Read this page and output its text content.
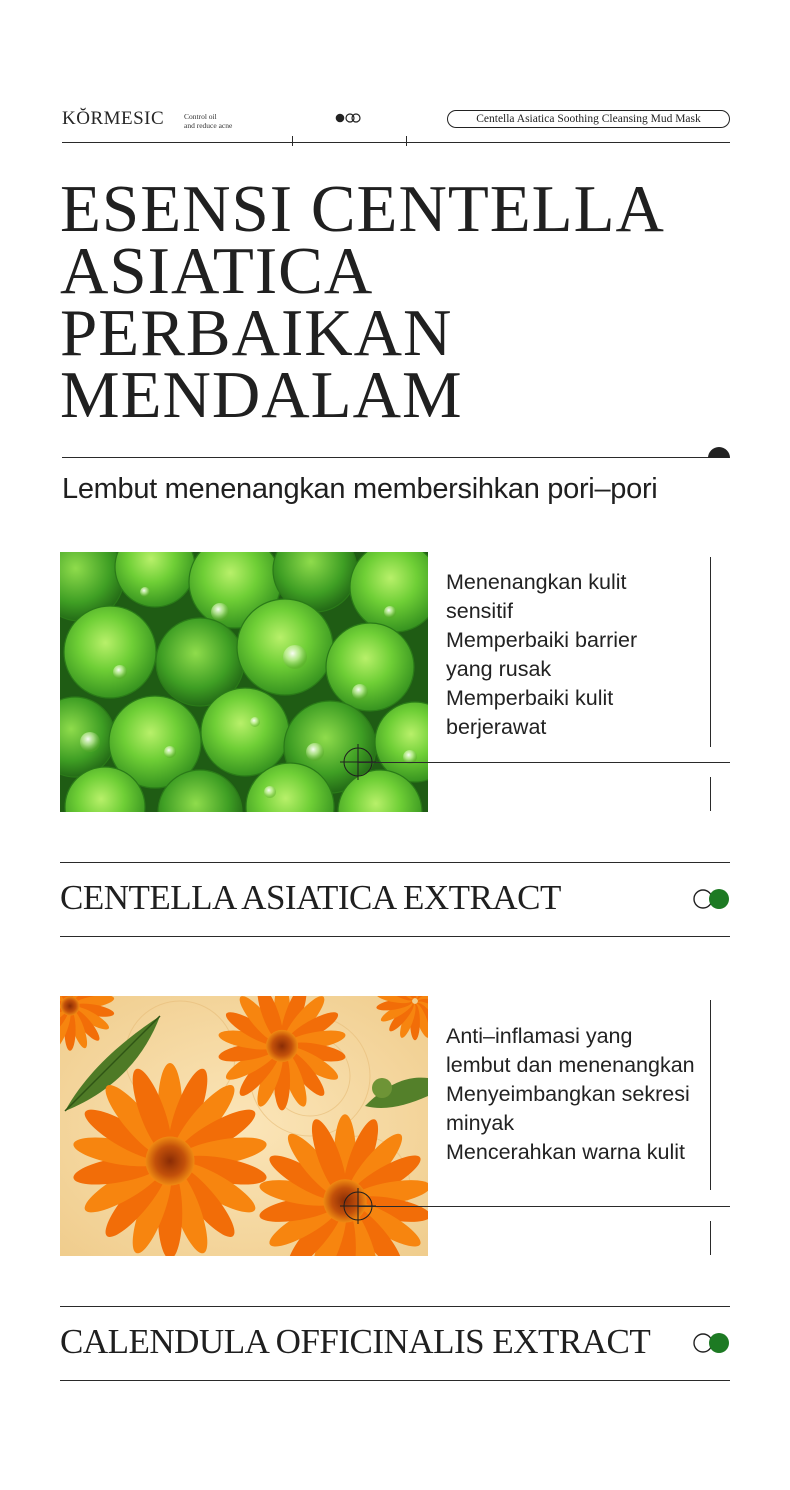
KŎRMESIC	Control oil
and reduce acne
Centella Asiatica Soothing Cleansing Mud Mask
ESENSI CENTELLA
ASIATICA
PERBAIKAN
MENDALAM
Lembut menenangkan membersihkan pori–pori
Menenangkan kulit
sensitif
Memperbaiki barrier
yang rusak
Memperbaiki kulit
berjerawat
CENTELLA ASIATICA EXTRACT
Anti–inflamasi yang
lembut dan menenangkan
Menyeimbangkan sekresi
minyak
Mencerahkan warna kulit
CALENDULA OFFICINALIS EXTRACT
